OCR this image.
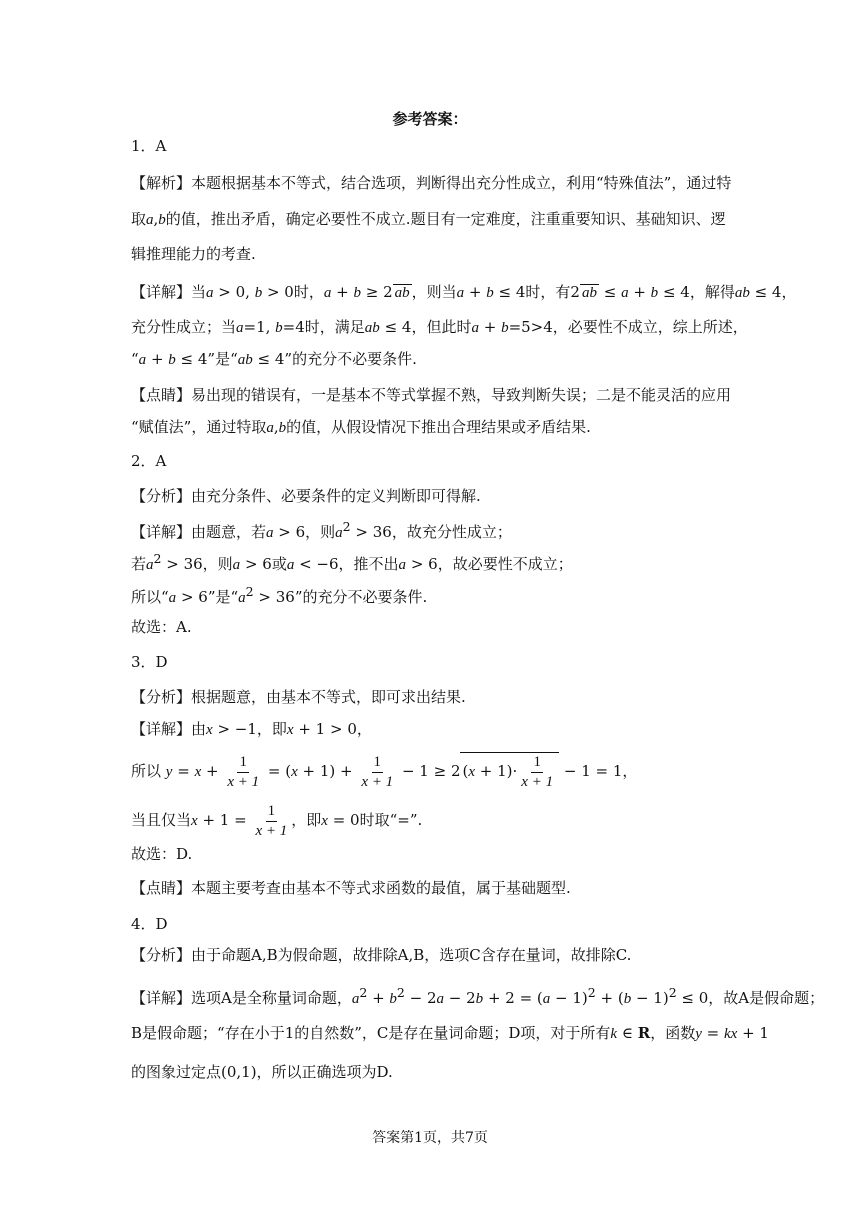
参考答案：
1．A
【解析】本题根据基本不等式，结合选项，判断得出充分性成立，利用“特殊值法”，通过特
取a,b的值，推出矛盾，确定必要性不成立.题目有一定难度，注重重要知识、基础知识、逻
辑推理能力的考查.
【详解】当a > 0, b > 0时，a + b ≥ 2 ab ，则当a + b ≤ 4时，有2 ab ≤ a + b ≤ 4，解得ab ≤ 4，
充分性成立；当a=1, b=4时，满足ab ≤ 4，但此时a + b=5>4，必要性不成立，综上所述，
“a + b ≤ 4”是“ab ≤ 4”的充分不必要条件.
【点睛】易出现的错误有，一是基本不等式掌握不熟，导致判断失误；二是不能灵活的应用
“赋值法”，通过特取a,b的值，从假设情况下推出合理结果或矛盾结果.
2．A
【分析】由充分条件、必要条件的定义判断即可得解.
【详解】由题意，若a > 6，则$a^2 > 36$，故充分性成立；
若$a^2 > 36$，则a > 6或a < −6，推不出a > 6，故必要性不成立；
所以“a > 6”是“$a^2 > 36$”的充分不必要条件.
故选：A.
3．D
【分析】根据题意，由基本不等式，即可求出结果.
【详解】由x > −1，即x + 1 > 0，
所以 $y = x + \frac{1}{x + 1} = (x + 1) + \frac{1}{x + 1} - 1 \ge 2$ $(x + 1)\cdot \frac{1}{x + 1} - 1 = 1$，
当且仅当$x + 1 = \frac{1}{x + 1}$ ，即x = 0时取“=”.
故选：D.
【点睛】本题主要考查由基本不等式求函数的最值，属于基础题型.
4．D
【分析】由于命题A,B为假命题，故排除A,B，选项C含存在量词，故排除C.
【详解】选项A是全称量词命题，$a^2 + b^2 - 2a - 2b + 2 = (a - 1)^2 + (b - 1)^2 \le 0$，故A是假命题；
B是假命题；“存在小于1的自然数”，C是存在量词命题；D项，对于所有k ∈ R，函数y = kx + 1
的图象过定点(0,1)，所以正确选项为D.
答案第1页，共7页
